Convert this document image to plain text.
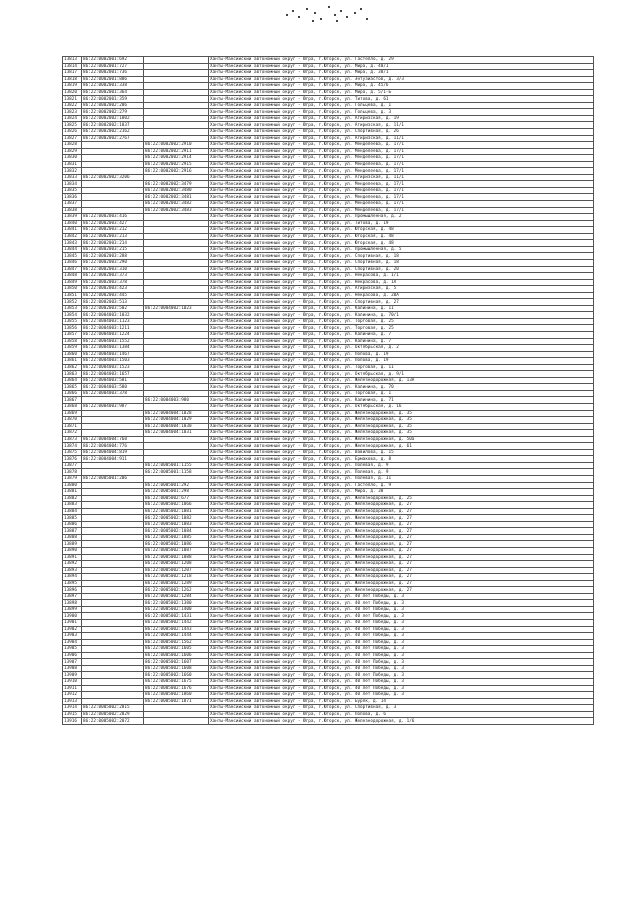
13813	86:22:0002001:692		Ханты-Мансийский автономный округ - Югра, г.Югорск, ул. Гастелло, д. 29
13814	86:22:0002001:727		Ханты-Мансийский автономный округ - Югра, г.Югорск, ул. Мира, д. 40/1
13817	86:22:0002001:736		Ханты-Мансийский автономный округ - Югра, г.Югорск, ул. Мира, д. 38/1
13818	86:22:0002001:806		Ханты-Мансийский автономный округ - Югра, г.Югорск, ул. Энтузиастов, д. 3/3
13819	86:22:0002001:338		Ханты-Мансийский автономный округ - Югра, г.Югорск, ул. Мира, д. 45/6
13820	86:22:0002001:364		Ханты-Мансийский автономный округ - Югра, г.Югорск, ул. Мира, д. 5/1-Б
13821	86:22:0002001:359		Ханты-Мансийский автономный округ - Югра, г.Югорск, ул. Титова, д. 61
13822	86:22:0002002:206		Ханты-Мансийский автономный округ - Югра, г.Югорск, ул. Гольцева, д. 1
13823	86:22:0002002:279		Ханты-Мансийский автономный округ - Югра, г.Югорск, ул. Гольцева, д. 3
13824	86:22:0002002:1802		Ханты-Мансийский автономный округ - Югра, г.Югорск, ул. Агиризская, д. 19
13825	86:22:0002002:1837		Ханты-Мансийский автономный округ - Югра, г.Югорск, ул. Агиризская, д. 11/1
13826	86:22:0002002:2162		Ханты-Мансийский автономный округ - Югра, г.Югорск, ул. Спортивная, д. 26
13827	86:22:0002002:2767		Ханты-Мансийский автономный округ - Югра, г.Югорск, ул. Агиризская, д. 11/1
13828		86:22:0002002:2910	Ханты-Мансийский автономный округ - Югра, г.Югорск, ул. Менделеева, д. 17/1
13829		86:22:0002002:2911	Ханты-Мансийский автономный округ - Югра, г.Югорск, ул. Менделеева, д. 17/1
13830		86:22:0002002:2914	Ханты-Мансийский автономный округ - Югра, г.Югорск, ул. Менделеева, д. 17/1
13831		86:22:0002002:2915	Ханты-Мансийский автономный округ - Югра, г.Югорск, ул. Менделеева, д. 17/1
13832		86:22:0002002:2916	Ханты-Мансийский автономный округ - Югра, г.Югорск, ул. Менделеева, д. 17/1
13833	86:22:0002002:3206		Ханты-Мансийский автономный округ - Югра, г.Югорск, ул. Агиризская, д. 11/1
13834		86:22:0002002:3479	Ханты-Мансийский автономный округ - Югра, г.Югорск, ул. Менделеева, д. 17/1
13835		86:22:0002002:3480	Ханты-Мансийский автономный округ - Югра, г.Югорск, ул. Менделеева, д. 17/1
13836		86:22:0002002:3481	Ханты-Мансийский автономный округ - Югра, г.Югорск, ул. Менделеева, д. 17/1
13837		86:22:0002002:3482	Ханты-Мансийский автономный округ - Югра, г.Югорск, ул. Менделеева, д. 17/1
13838		86:22:0002002:3483	Ханты-Мансийский автономный округ - Югра, г.Югорск, ул. Менделеева, д. 17/1
13839	86:22:0002003:416		Ханты-Мансийский автономный округ - Югра, г.Югорск, ул. Промышленная, д. 2
13840	86:22:0002003:427		Ханты-Мансийский автономный округ - Югра, г.Югорск, ул. Титова, д. 19
13841	86:22:0002003:212		Ханты-Мансийский автономный округ - Югра, г.Югорск, ул. Югорская, д. 48
13842	86:22:0002003:213		Ханты-Мансийский автономный округ - Югра, г.Югорск, ул. Югорская, д. 48
13843	86:22:0002003:214		Ханты-Мансийский автономный округ - Югра, г.Югорск, ул. Югорская, д. 48
13844	86:22:0002003:215		Ханты-Мансийский автономный округ - Югра, г.Югорск, ул. Промышленная, д. 5
13845	86:22:0002003:288		Ханты-Мансийский автономный округ - Югра, г.Югорск, ул. Спортивная, д. 18
13846	86:22:0002003:290		Ханты-Мансийский автономный округ - Югра, г.Югорск, ул. Спортивная, д. 18
13847	86:22:0002003:310		Ханты-Мансийский автономный округ - Югра, г.Югорск, ул. Спортивная, д. 20
13848	86:22:0002003:373		Ханты-Мансийский автономный округ - Югра, г.Югорск, ул. Некрасова, д. 1/1
13849	86:22:0002003:378		Ханты-Мансийский автономный округ - Югра, г.Югорск, ул. Некрасова, д. 1А
13850	86:22:0002003:423		Ханты-Мансийский автономный округ - Югра, г.Югорск, ул. Агиризская, д. 5
13851	86:22:0002003:445		Ханты-Мансийский автономный округ - Югра, г.Югорск, ул. Некрасова, д. 20А
13852	86:22:0002003:513		Ханты-Мансийский автономный округ - Югра, г.Югорск, ул. Спортивная, д. 27
13853	86:22:0002003:502	86:22:0004002:1023	Ханты-Мансийский автономный округ - Югра, г.Югорск, ул. Калинина, д. 11
13854	86:22:0004003:1032		Ханты-Мансийский автономный округ - Югра, г.Югорск, ул. Калинина, д. 70/1
13855	86:22:0004003:1123		Ханты-Мансийский автономный округ - Югра, г.Югорск, ул. Торговая, д. 25
13856	86:22:0004003:1211		Ханты-Мансийский автономный округ - Югра, г.Югорск, ул. Торговая, д. 25
13857	86:22:0004003:1224		Ханты-Мансийский автономный округ - Югра, г.Югорск, ул. Калинина, д. 7
13858	86:22:0004003:1552		Ханты-Мансийский автономный округ - Югра, г.Югорск, ул. Калинина, д. 7
13859	86:22:0004003:1384		Ханты-Мансийский автономный округ - Югра, г.Югорск, ул. Октябрьская, д. 2
13860	86:22:0004003:1467		Ханты-Мансийский автономный округ - Югра, г.Югорск, ул. Попова, д. 19
13861	86:22:0004003:1503		Ханты-Мансийский автономный округ - Югра, г.Югорск, ул. Попова, д. 19
13862	86:22:0004003:1523		Ханты-Мансийский автономный округ - Югра, г.Югорск, ул. Торговая, д. 11
13863	86:22:0004003:1657		Ханты-Мансийский автономный округ - Югра, г.Югорск, ул. Октябрьская, д. 9/1
13864	86:22:0004003:581		Ханты-Мансийский автономный округ - Югра, г.Югорск, ул. Железнодорожная, д. 13А
13865	86:22:0004003:580		Ханты-Мансийский автономный округ - Югра, г.Югорск, ул. Калинина, д. 70
13866	86:22:0004003:378		Ханты-Мансийский автономный округ - Югра, г.Югорск, ул. Торговая, д. 1
13867		86:22:0004003:980	Ханты-Мансийский автономный округ - Югра, г.Югорск, ул. Калинина, д. 71
13868	86:22:0004003:987		Ханты-Мансийский автономный округ - Югра, г.Югорск, ул. Октябрьская, д. 16
13869		86:22:0004004:1028	Ханты-Мансийский автономный округ - Югра, г.Югорск, ул. Железнодорожная, д. 35
13870		86:22:0004004:1029	Ханты-Мансийский автономный округ - Югра, г.Югорск, ул. Железнодорожная, д. 35
13871		86:22:0004004:1030	Ханты-Мансийский автономный округ - Югра, г.Югорск, ул. Железнодорожная, д. 35
13872		86:22:0004004:1031	Ханты-Мансийский автономный округ - Югра, г.Югорск, ул. Железнодорожная, д. 35
13873	86:22:0004004:768		Ханты-Мансийский автономный округ - Югра, г.Югорск, ул. Железнодорожная, д. 50а
13874	86:22:0004004:776		Ханты-Мансийский автономный округ - Югра, г.Югорск, ул. Железнодорожная, д. 61
13875	86:22:0004004:819		Ханты-Мансийский автономный округ - Югра, г.Югорск, ул. Вавилова, д. 15
13876	86:22:0004004:911		Ханты-Мансийский автономный округ - Югра, г.Югорск, ул. Ермакова, д. 8
13877		86:22:0005001:1155	Ханты-Мансийский автономный округ - Югра, г.Югорск, ул. Полевая, д. 9
13878		86:22:0005001:1158	Ханты-Мансийский автономный округ - Югра, г.Югорск, ул. Полевая, д. 9
13879	86:22:0005001:206		Ханты-Мансийский автономный округ - Югра, г.Югорск, ул. Полевая, д. 11
13880		86:22:0005001:292	Ханты-Мансийский автономный округ - Югра, г.Югорск, ул. Гастелло, д. 9
13881		86:22:0005001:298	Ханты-Мансийский автономный округ - Югра, г.Югорск, ул. Мира, д. 38
13882		86:22:0005002:677	Ханты-Мансийский автономный округ - Югра, г.Югорск, ул. Железнодорожная, д. 25
13883		86:22:0005002:1066	Ханты-Мансийский автономный округ - Югра, г.Югорск, ул. Железнодорожная, д. 27
13884		86:22:0005002:1081	Ханты-Мансийский автономный округ - Югра, г.Югорск, ул. Железнодорожная, д. 27
13885		86:22:0005002:1082	Ханты-Мансийский автономный округ - Югра, г.Югорск, ул. Железнодорожная, д. 27
13886		86:22:0005002:1083	Ханты-Мансийский автономный округ - Югра, г.Югорск, ул. Железнодорожная, д. 27
13887		86:22:0005002:1084	Ханты-Мансийский автономный округ - Югра, г.Югорск, ул. Железнодорожная, д. 27
13888		86:22:0005002:1085	Ханты-Мансийский автономный округ - Югра, г.Югорск, ул. Железнодорожная, д. 27
13889		86:22:0005002:1086	Ханты-Мансийский автономный округ - Югра, г.Югорск, ул. Железнодорожная, д. 27
13890		86:22:0005002:1087	Ханты-Мансийский автономный округ - Югра, г.Югорск, ул. Железнодорожная, д. 27
13891		86:22:0005002:1088	Ханты-Мансийский автономный округ - Югра, г.Югорск, ул. Железнодорожная, д. 27
13892		86:22:0005002:1208	Ханты-Мансийский автономный округ - Югра, г.Югорск, ул. Железнодорожная, д. 27
13893		86:22:0005002:1207	Ханты-Мансийский автономный округ - Югра, г.Югорск, ул. Железнодорожная, д. 27
13894		86:22:0005002:1218	Ханты-Мансийский автономный округ - Югра, г.Югорск, ул. Железнодорожная, д. 27
13895		86:22:0005002:1289	Ханты-Мансийский автономный округ - Югра, г.Югорск, ул. Железнодорожная, д. 27
13896		86:22:0005002:1262	Ханты-Мансийский автономный округ - Югра, г.Югорск, ул. Железнодорожная, д. 27
13897		86:22:0005002:1284	Ханты-Мансийский автономный округ - Югра, г.Югорск, ул. 40 лет Победы, д. 3
13898		86:22:0005002:1380	Ханты-Мансийский автономный округ - Югра, г.Югорск, ул. 40 лет Победы, д. 3
13899		86:22:0005002:1400	Ханты-Мансийский автономный округ - Югра, г.Югорск, ул. 40 лет Победы, д. 3
13900		86:22:0005002:1431	Ханты-Мансийский автономный округ - Югра, г.Югорск, ул. 40 лет Победы, д. 3
13901		86:22:0005002:1442	Ханты-Мансийский автономный округ - Югра, г.Югорск, ул. 40 лет Победы, д. 3
13902		86:22:0005002:1443	Ханты-Мансийский автономный округ - Югра, г.Югорск, ул. 40 лет Победы, д. 3
13903		86:22:0005002:1444	Ханты-Мансийский автономный округ - Югра, г.Югорск, ул. 40 лет Победы, д. 3
13904		86:22:0005002:1562	Ханты-Мансийский автономный округ - Югра, г.Югорск, ул. 40 лет Победы, д. 3
13905		86:22:0005002:1605	Ханты-Мансийский автономный округ - Югра, г.Югорск, ул. 40 лет Победы, д. 3
13906		86:22:0005002:1606	Ханты-Мансийский автономный округ - Югра, г.Югорск, ул. 40 лет Победы, д. 3
13907		86:22:0005002:1607	Ханты-Мансийский автономный округ - Югра, г.Югорск, ул. 40 лет Победы, д. 3
13908		86:22:0005002:1608	Ханты-Мансийский автономный округ - Югра, г.Югорск, ул. 40 лет Победы, д. 3
13909		86:22:0005002:1660	Ханты-Мансийский автономный округ - Югра, г.Югорск, ул. 40 лет Победы, д. 3
13910		86:22:0005002:1675	Ханты-Мансийский автономный округ - Югра, г.Югорск, ул. 40 лет Победы, д. 3
13911		86:22:0005002:1676	Ханты-Мансийский автономный округ - Югра, г.Югорск, ул. 40 лет Победы, д. 3
13912		86:22:0005002:1860	Ханты-Мансийский автономный округ - Югра, г.Югорск, ул. 40 лет Победы, д. 3
13913		86:22:0005002:1871	Ханты-Мансийский автономный округ - Югра, г.Югорск, ул. Буряк, д. 14
13914	86:22:0005002:2015		Ханты-Мансийский автономный округ - Югра, г.Югорск, ул. Спортивная, д. 3
13915	86:22:0005002:2029		Ханты-Мансийский автономный округ - Югра, г.Югорск, ул. Попова, д. 6
13916	86:22:0005002:2072		Ханты-Мансийский автономный округ - Югра, г.Югорск, ул. Железнодорожная, д. 1/6
